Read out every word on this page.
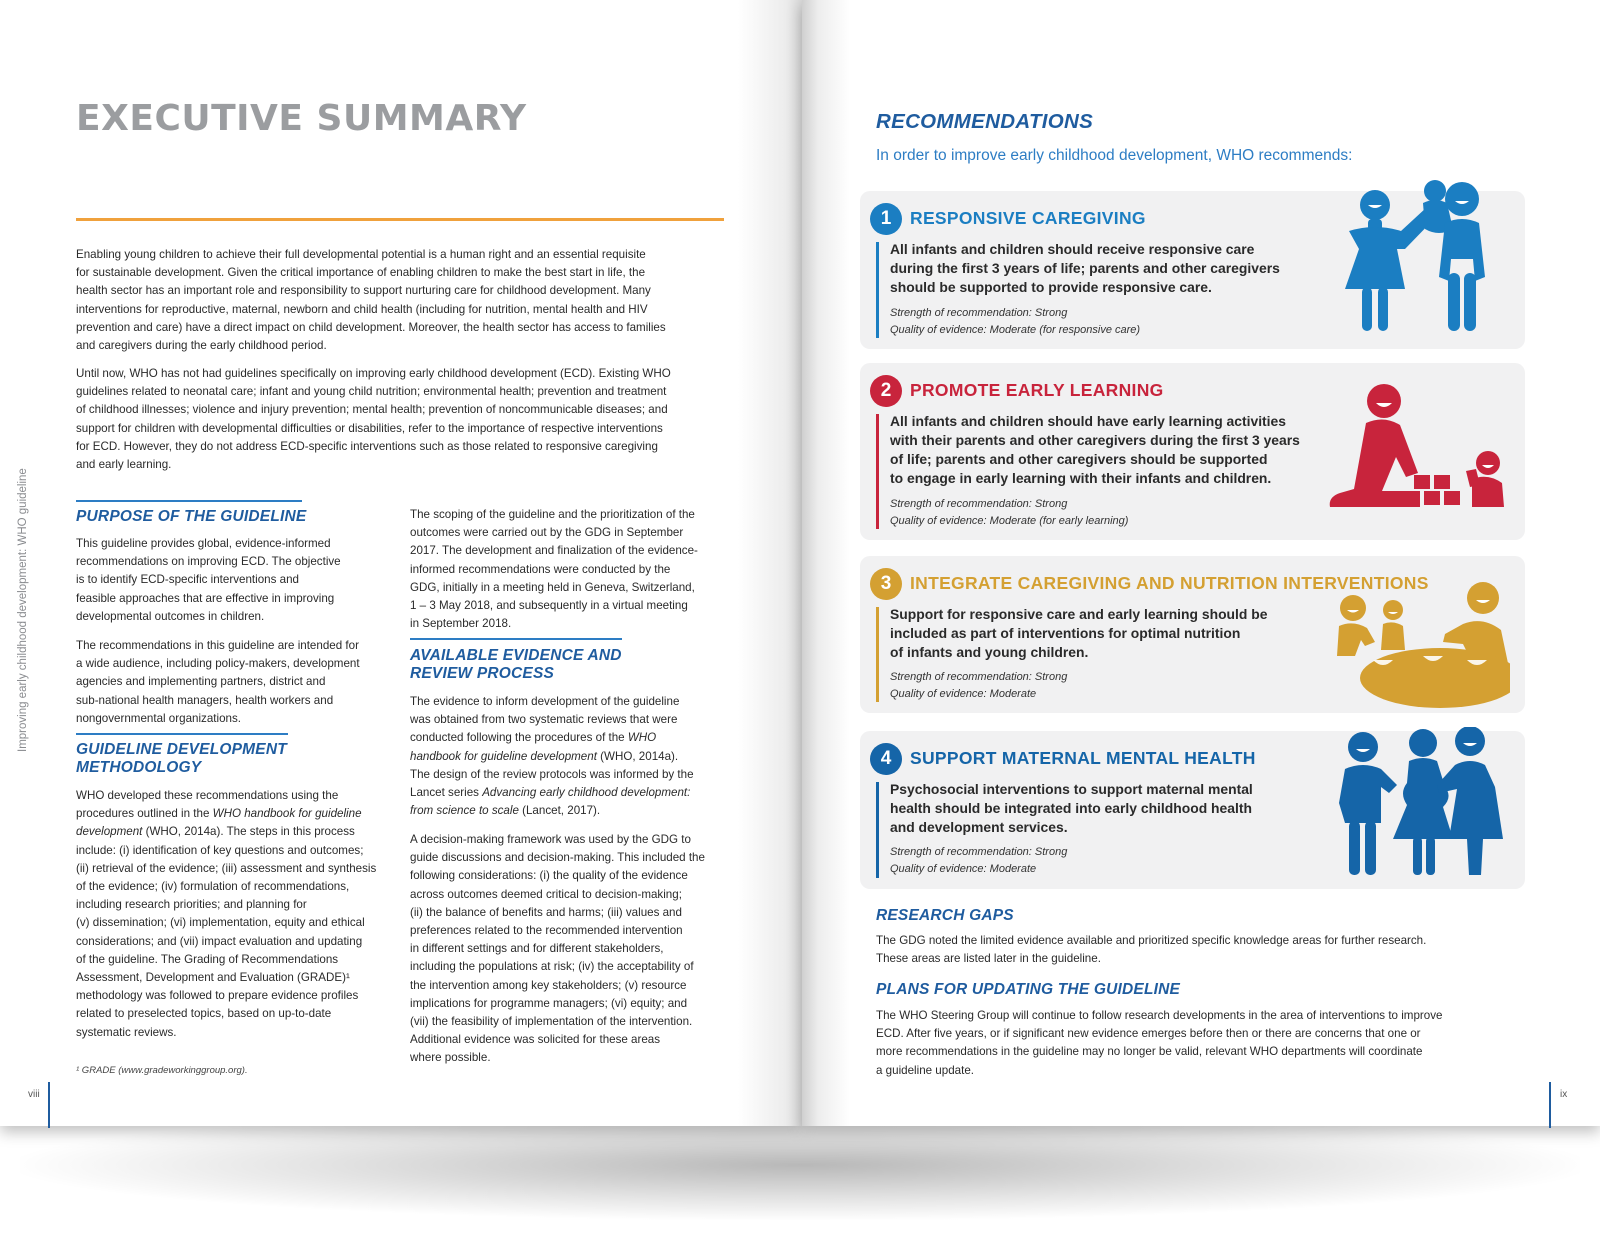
EXECUTIVE SUMMARY
Improving early childhood development: WHO guideline

Enabling young children to achieve their full developmental potential is a human right and an essential requisite

for sustainable development. Given the critical importance of enabling children to make the best start in life, the

health sector has an important role and responsibility to support nurturing care for childhood development. Many

interventions for reproductive, maternal, newborn and child health (including for nutrition, mental health and HIV

prevention and care) have a direct impact on child development. Moreover, the health sector has access to families

and caregivers during the early childhood period.

Until now, WHO has not had guidelines specifically on improving early childhood development (ECD). Existing WHO

guidelines related to neonatal care; infant and young child nutrition; environmental health; prevention and treatment

of childhood illnesses; violence and injury prevention; mental health; prevention of noncommunicable diseases; and

support for children with developmental difficulties or disabilities, refer to the importance of respective interventions

for ECD. However, they do not address ECD-specific interventions such as those related to responsive caregiving

and early learning.

PURPOSE OF THE GUIDELINE

This guideline provides global, evidence-informed

recommendations on improving ECD. The objective

is to identify ECD-specific interventions and

feasible approaches that are effective in improving

developmental outcomes in children.

The recommendations in this guideline are intended for

a wide audience, including policy-makers, development

agencies and implementing partners, district and

sub-national health managers, health workers and

nongovernmental organizations.

GUIDELINE DEVELOPMENT
METHODOLOGY

WHO developed these recommendations using the

procedures outlined in the WHO handbook for guideline

development (WHO, 2014a). The steps in this process

include: (i) identification of key questions and outcomes;

(ii) retrieval of the evidence; (iii) assessment and synthesis

of the evidence; (iv) formulation of recommendations,

including research priorities; and planning for

(v) dissemination; (vi) implementation, equity and ethical

considerations; and (vii) impact evaluation and updating

of the guideline. The Grading of Recommendations

Assessment, Development and Evaluation (GRADE)¹

methodology was followed to prepare evidence profiles

related to preselected topics, based on up-to-date

systematic reviews.

The scoping of the guideline and the prioritization of the

outcomes were carried out by the GDG in September

2017. The development and finalization of the evidence-

informed recommendations were conducted by the

GDG, initially in a meeting held in Geneva, Switzerland,

1 – 3 May 2018, and subsequently in a virtual meeting

in September 2018.

AVAILABLE EVIDENCE AND
REVIEW PROCESS

The evidence to inform development of the guideline

was obtained from two systematic reviews that were

conducted following the procedures of the WHO

handbook for guideline development (WHO, 2014a).

The design of the review protocols was informed by the

Lancet series Advancing early childhood development:

from science to scale (Lancet, 2017).

A decision-making framework was used by the GDG to

guide discussions and decision-making. This included the

following considerations: (i) the quality of the evidence

across outcomes deemed critical to decision-making;

(ii) the balance of benefits and harms; (iii) values and

preferences related to the recommended intervention

in different settings and for different stakeholders,

including the populations at risk; (iv) the acceptability of

the intervention among key stakeholders; (v) resource

implications for programme managers; (vi) equity; and

(vii) the feasibility of implementation of the intervention.

Additional evidence was solicited for these areas

where possible.

¹ GRADE (www.gradeworkinggroup.org).

viii
RECOMMENDATIONS

In order to improve early childhood development, WHO recommends:

1	RESPONSIVE CAREGIVING
All infants and children should receive responsive care
during the first 3 years of life; parents and other caregivers
should be supported to provide responsive care.
Strength of recommendation: Strong
Quality of evidence: Moderate (for responsive care)
2	PROMOTE EARLY LEARNING
All infants and children should have early learning activities
with their parents and other caregivers during the first 3 years
of life; parents and other caregivers should be supported
to engage in early learning with their infants and children.
Strength of recommendation: Strong
Quality of evidence: Moderate (for early learning)
3	INTEGRATE CAREGIVING AND NUTRITION INTERVENTIONS
Support for responsive care and early learning should be
included as part of interventions for optimal nutrition
of infants and young children.
Strength of recommendation: Strong
Quality of evidence: Moderate
4	SUPPORT MATERNAL MENTAL HEALTH
Psychosocial interventions to support maternal mental
health should be integrated into early childhood health
and development services.
Strength of recommendation: Strong
Quality of evidence: Moderate
RESEARCH GAPS

The GDG noted the limited evidence available and prioritized specific knowledge areas for further research.

These areas are listed later in the guideline.

PLANS FOR UPDATING THE GUIDELINE

The WHO Steering Group will continue to follow research developments in the area of interventions to improve

ECD. After five years, or if significant new evidence emerges before then or there are concerns that one or

more recommendations in the guideline may no longer be valid, relevant WHO departments will coordinate

a guideline update.

ix
